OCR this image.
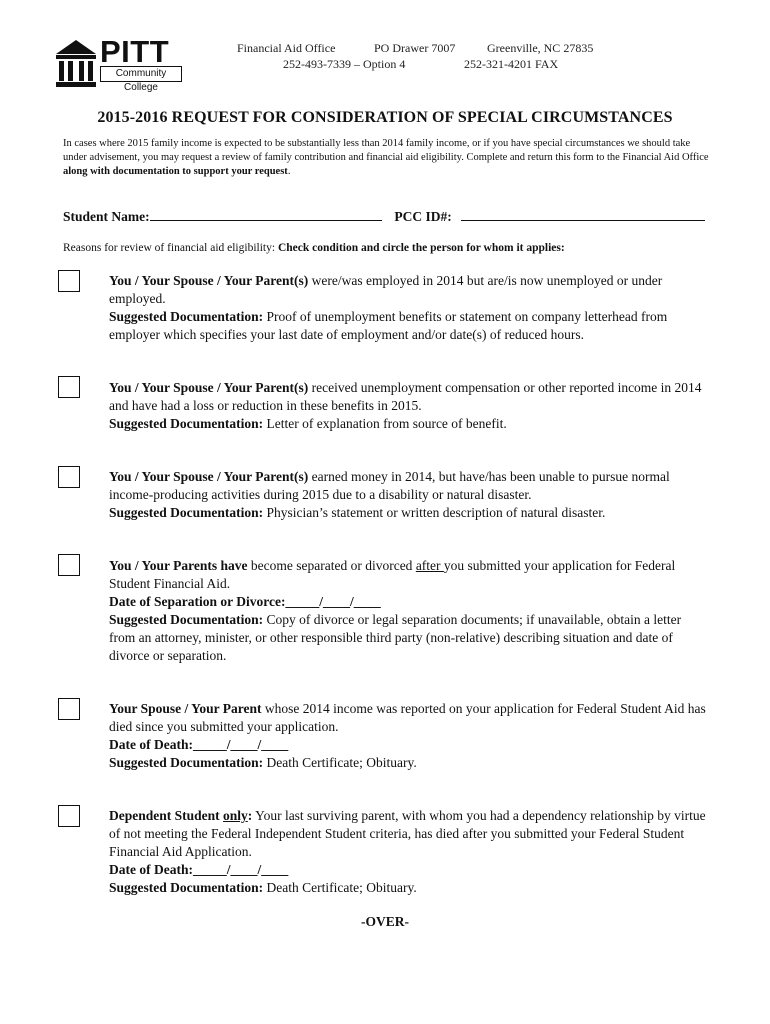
PITT
Community College
Financial Aid Office	PO Drawer 7007	Greenville, NC 27835
252-493-7339 – Option 4	252-321-4201 FAX
2015-2016 REQUEST FOR CONSIDERATION OF SPECIAL CIRCUMSTANCES
In cases where 2015 family income is expected to be substantially less than 2014 family income, or if you have special circumstances we should take under advisement, you may request a review of family contribution and financial aid eligibility. Complete and return this form to the Financial Aid Office along with documentation to support your request.
Student Name:	PCC ID#:
Reasons for review of financial aid eligibility: Check condition and circle the person for whom it applies:
You / Your Spouse / Your Parent(s) were/was employed in 2014 but are/is now unemployed or under employed.
Suggested Documentation: Proof of unemployment benefits or statement on company letterhead from employer which specifies your last date of employment and/or date(s) of reduced hours.
You / Your Spouse / Your Parent(s) received unemployment compensation or other reported income in 2014 and have had a loss or reduction in these benefits in 2015.
Suggested Documentation: Letter of explanation from source of benefit.
You / Your Spouse / Your Parent(s) earned money in 2014, but have/has been unable to pursue normal income-producing activities during 2015 due to a disability or natural disaster.
Suggested Documentation: Physician’s statement or written description of natural disaster.
You / Your Parents have become separated or divorced after you submitted your application for Federal Student Financial Aid.
Date of Separation or Divorce:_____/____/____
Suggested Documentation: Copy of divorce or legal separation documents; if unavailable, obtain a letter from an attorney, minister, or other responsible third party (non-relative) describing situation and date of divorce or separation.
Your Spouse / Your Parent whose 2014 income was reported on your application for Federal Student Aid has died since you submitted your application.
Date of Death:_____/____/____
Suggested Documentation: Death Certificate; Obituary.
Dependent Student only: Your last surviving parent, with whom you had a dependency relationship by virtue of not meeting the Federal Independent Student criteria, has died after you submitted your Federal Student Financial Aid Application.
Date of Death:_____/____/____
Suggested Documentation: Death Certificate; Obituary.
-OVER-
